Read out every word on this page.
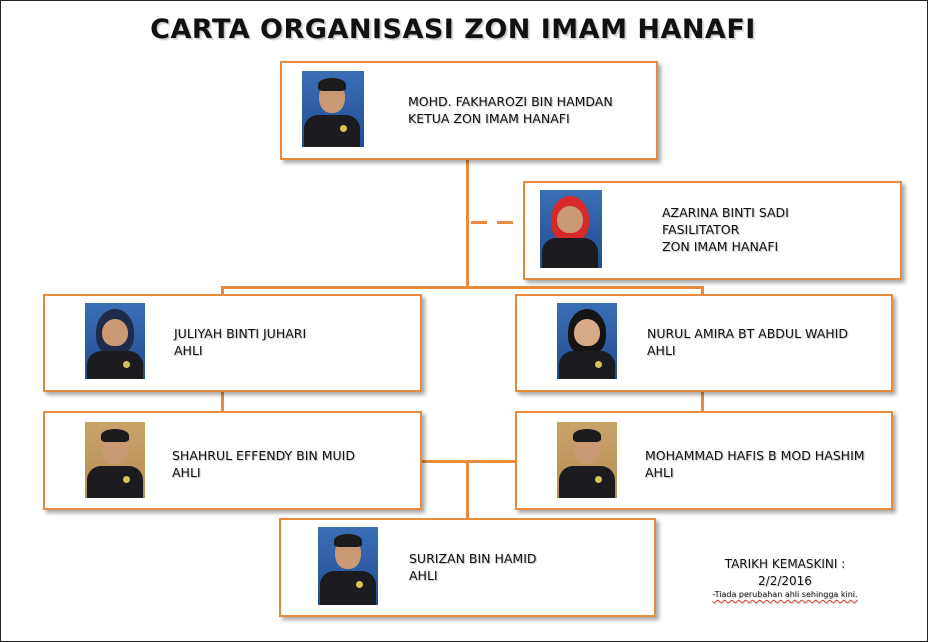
CARTA ORGANISASI ZON IMAM HANAFI
MOHD. FAKHAROZI BIN HAMDAN
KETUA ZON IMAM HANAFI
AZARINA BINTI SADI
FASILITATOR
ZON IMAM HANAFI
JULIYAH BINTI JUHARI
AHLI
NURUL AMIRA BT ABDUL WAHID
AHLI
SHAHRUL EFFENDY BIN MUID
AHLI
MOHAMMAD HAFIS B MOD HASHIM
AHLI
SURIZAN BIN HAMID
AHLI
TARIKH KEMASKINI :
2/2/2016
-Tiada perubahan ahli sehingga kini.
